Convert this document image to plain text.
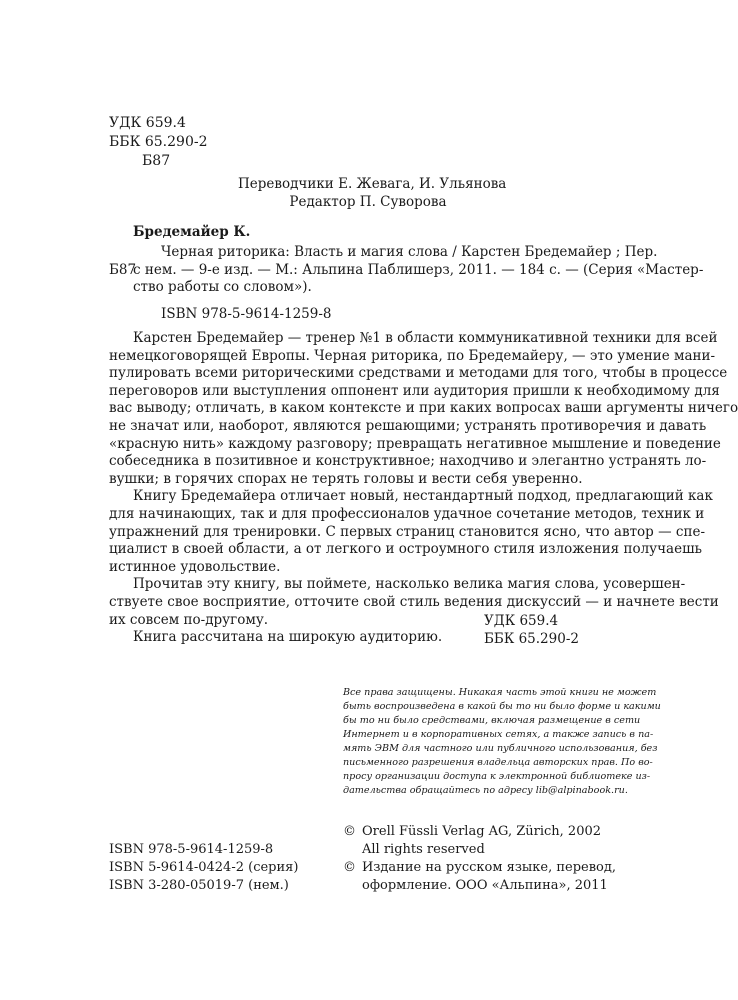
УДК 659.4
ББК 65.290-2
Б87
Переводчики Е. Жевага, И. Ульянова
Редактор П. Суворова
Бредемайер К.
Б87
Черная риторика: Власть и магия слова / Карстен Бредемайер ; Пер.
с нем. — 9-е изд. — М.: Альпина Паблишерз, 2011. — 184 с. — (Серия «Мастер-
ство работы со словом»).
ISBN 978-5-9614-1259-8
Карстен Бредемайер — тренер №1 в области коммуникативной техники для всей
немецкоговорящей Европы. Черная риторика, по Бредемайеру, — это умение мани-
пулировать всеми риторическими средствами и методами для того, чтобы в процессе
переговоров или выступления оппонент или аудитория пришли к необходимому для
вас выводу; отличать, в каком контексте и при каких вопросах ваши аргументы ничего
не значат или, наоборот, являются решающими; устранять противоречия и давать
«красную нить» каждому разговору; превращать негативное мышление и поведение
собеседника в позитивное и конструктивное; находчиво и элегантно устранять ло-
вушки; в горячих спорах не терять головы и вести себя уверенно.
Книгу Бредемайера отличает новый, нестандартный подход, предлагающий как
для начинающих, так и для профессионалов удачное сочетание методов, техник и
упражнений для тренировки. С первых страниц становится ясно, что автор — спе-
циалист в своей области, а от легкого и остроумного стиля изложения получаешь
истинное удовольствие.
Прочитав эту книгу, вы поймете, насколько велика магия слова, усовершен-
ствуете свое восприятие, отточите свой стиль ведения дискуссий — и начнете вести
их совсем по-другому.
Книга рассчитана на широкую аудиторию.
УДК 659.4
ББК 65.290-2
Все права защищены. Никакая часть этой книги не может
быть воспроизведена в какой бы то ни было форме и какими
бы то ни было средствами, включая размещение в сети
Интернет и в корпоративных сетях, а также запись в па-
мять ЭВМ для частного или публичного использования, без
письменного разрешения владельца авторских прав. По во-
просу организации доступа к электронной библиотеке из-
дательства обращайтесь по адресу lib@alpinabook.ru.
ISBN 978-5-9614-1259-8
ISBN 5-9614-0424-2 (серия)
ISBN 3-280-05019-7 (нем.)
© Orell Füssli Verlag AG, Zürich, 2002
All rights reserved
© Издание на русском языке, перевод,
оформление. ООО «Альпина», 2011
